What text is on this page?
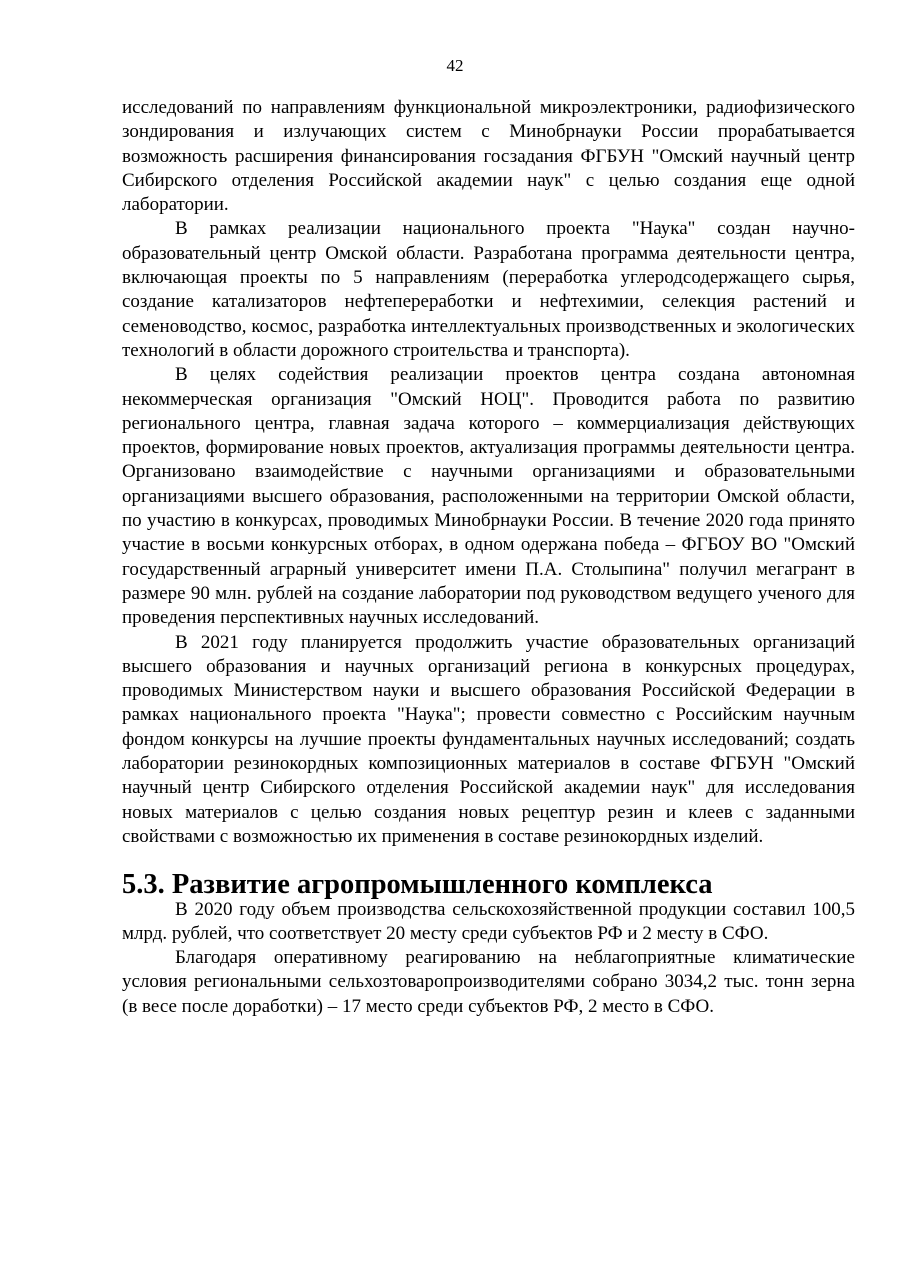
42

исследований по направлениям функциональной микроэлектроники, радиофизического зондирования и излучающих систем с Минобрнауки России прорабатывается возможность расширения финансирования госзадания ФГБУН "Омский научный центр Сибирского отделения Российской академии наук" с целью создания еще одной лаборатории.

В рамках реализации национального проекта "Наука" создан научно-образовательный центр Омской области. Разработана программа деятельности центра, включающая проекты по 5 направлениям (переработка углеродсодержащего сырья, создание катализаторов нефтепереработки и нефтехимии, селекция растений и семеноводство, космос, разработка интеллектуальных производственных и экологических технологий в области дорожного строительства и транспорта).

В целях содействия реализации проектов центра создана автономная некоммерческая организация "Омский НОЦ". Проводится работа по развитию регионального центра, главная задача которого – коммерциализация действующих проектов, формирование новых проектов, актуализация программы деятельности центра. Организовано взаимодействие с научными организациями и образовательными организациями высшего образования, расположенными на территории Омской области, по участию в конкурсах, проводимых Минобрнауки России. В течение 2020 года принято участие в восьми конкурсных отборах, в одном одержана победа – ФГБОУ ВО "Омский государственный аграрный университет имени П.А. Столыпина" получил мегагрант в размере 90 млн. рублей на создание лаборатории под руководством ведущего ученого для проведения перспективных научных исследований.

В 2021 году планируется продолжить участие образовательных организаций высшего образования и научных организаций региона в конкурсных процедурах, проводимых Министерством науки и высшего образования Российской Федерации в рамках национального проекта "Наука"; провести совместно с Российским научным фондом конкурсы на лучшие проекты фундаментальных научных исследований; создать лаборатории резинокордных композиционных материалов в составе ФГБУН "Омский научный центр Сибирского отделения Российской академии наук" для исследования новых материалов с целью создания новых рецептур резин и клеев с заданными свойствами с возможностью их применения в составе резинокордных изделий.

5.3. Развитие агропромышленного комплекса

В 2020 году объем производства сельскохозяйственной продукции составил 100,5 млрд. рублей, что соответствует 20 месту среди субъектов РФ и 2 месту в СФО.

Благодаря оперативному реагированию на неблагоприятные климатические условия региональными сельхозтоваропроизводителями собрано 3034,2 тыс. тонн зерна (в весе после доработки) – 17 место среди субъектов РФ, 2 место в СФО.
